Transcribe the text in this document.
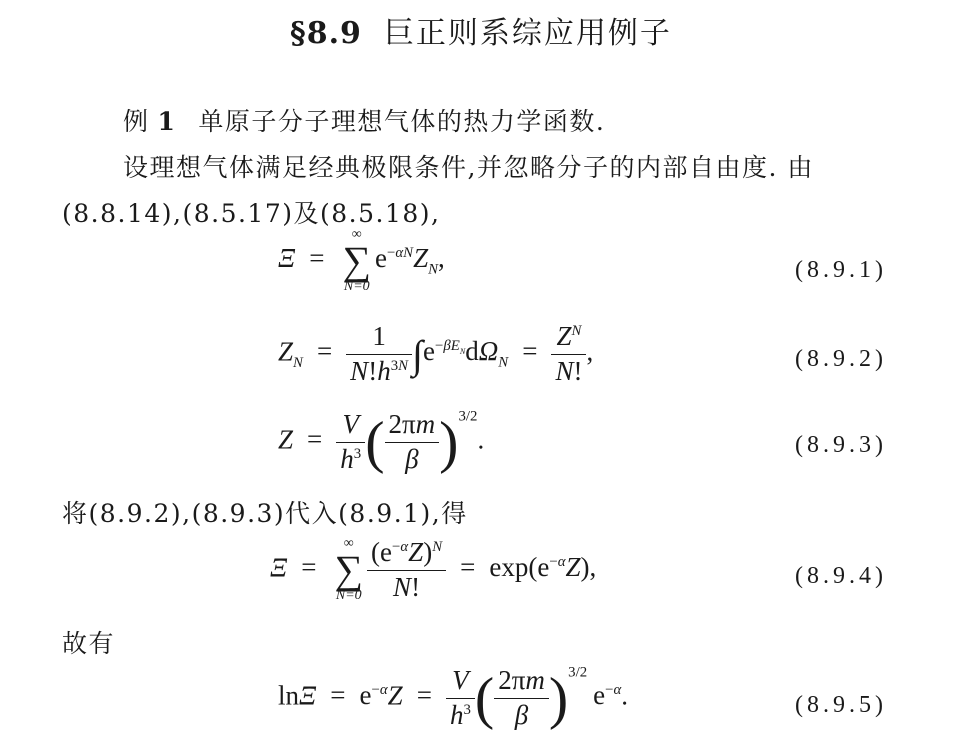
§8.9 巨正则系综应用例子
例 1 单原子分子理想气体的热力学函数.
设理想气体满足经典极限条件,并忽略分子的内部自由度. 由
(8.8.14),(8.5.17)及(8.5.18),
Ξ =
∞
∑
N=0
$e^{-\alpha N}Z_N$,	(8.9.1)
$Z_N = \frac{1}{N!h^{3N}} \int e^{-\beta E_N}d\Omega_N = \frac{Z^N}{N!}$ ,	(8.9.2)
$Z = \frac{V}{h^3}$ ( $\frac{2\pi m}{\beta} )^{3/2}$.	(8.9.3)
将(8.9.2),(8.9.3)代入(8.9.1),得
Ξ =
∞
∑
$N=0 \frac{(e^{-\alpha}Z)^N}{N!} = \exp(e^{-\alpha}Z)$,	(8.9.4)
故有
$\ln\Xi = e^{-\alpha}Z = \frac{V}{h^3}$ ( $\frac{2\pi m}{\beta} )^{3/2}e^{-\alpha}$.	(8.9.5)
